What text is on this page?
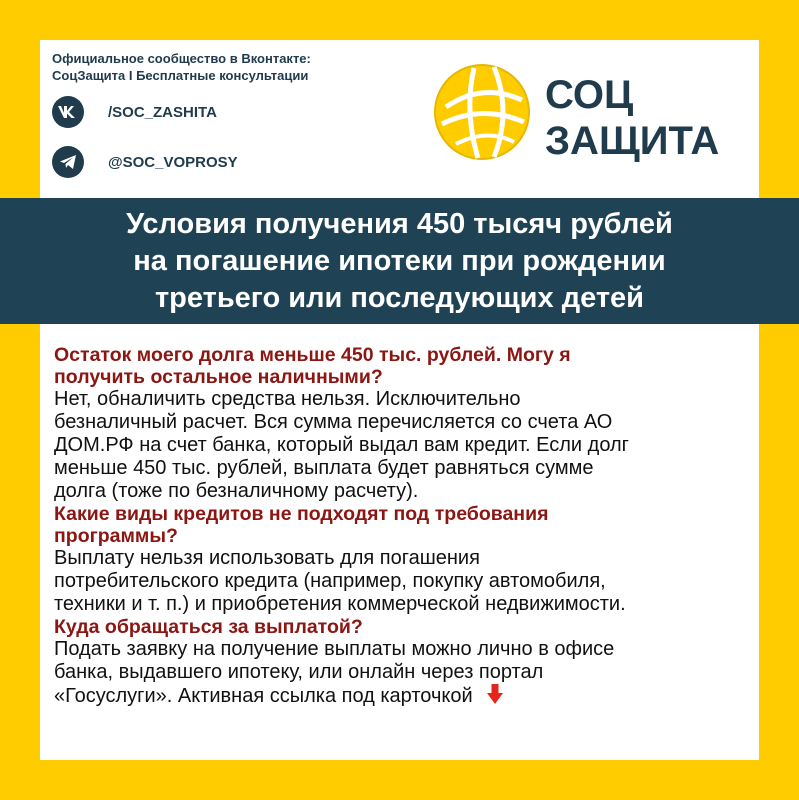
Официальное сообщество в Вконтакте:
СоцЗащита I Бесплатные консультации
/SOC_ZASHITA
@SOC_VOPROSY
СОЦ
ЗАЩИТА
Условия получения 450 тысяч рублей
на погашение ипотеки при рождении
третьего или последующих детей
Остаток моего долга меньше 450 тыс. рублей. Могу я
получить остальное наличными?
Нет, обналичить средства нельзя. Исключительно
безналичный расчет. Вся сумма перечисляется со счета АО
ДОМ.РФ на счет банка, который выдал вам кредит. Если долг
меньше 450 тыс. рублей, выплата будет равняться сумме
долга (тоже по безналичному расчету).
Какие виды кредитов не подходят под требования
программы?
Выплату нельзя использовать для погашения
потребительского кредита (например, покупку автомобиля,
техники и т. п.) и приобретения коммерческой недвижимости.
Куда обращаться за выплатой?
Подать заявку на получение выплаты можно лично в офисе
банка, выдавшего ипотеку, или онлайн через портал
«Госуслуги». Активная ссылка под карточкой
